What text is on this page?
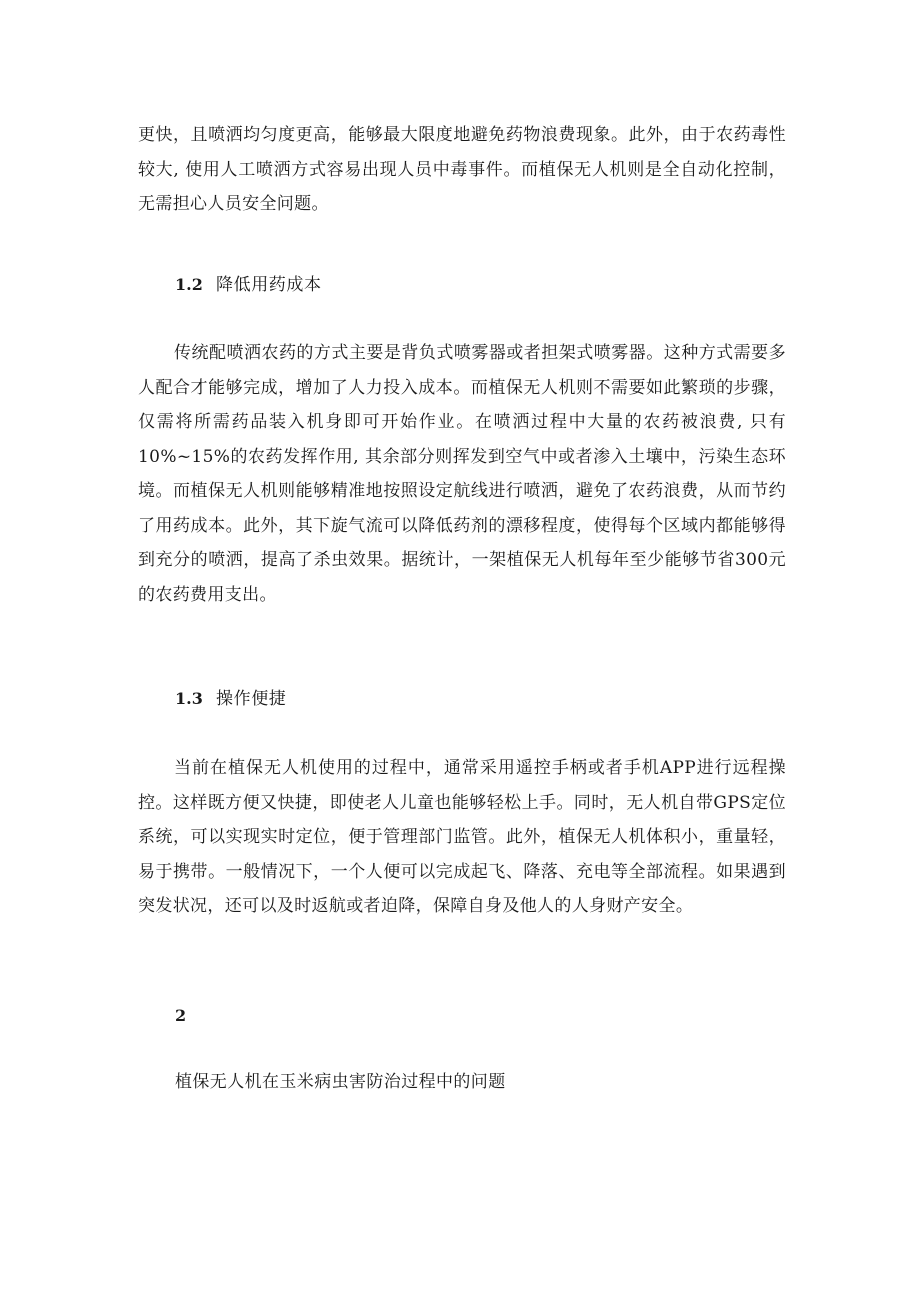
更快，且喷洒均匀度更高，能够最大限度地避免药物浪费现象。此外，由于农药毒性较大, 使用人工喷洒方式容易出现人员中毒事件。而植保无人机则是全自动化控制，无需担心人员安全问题。

1.2 降低用药成本

传统配喷洒农药的方式主要是背负式喷雾器或者担架式喷雾器。这种方式需要多人配合才能够完成，增加了人力投入成本。而植保无人机则不需要如此繁琐的步骤，仅需将所需药品装入机身即可开始作业。在喷洒过程中大量的农药被浪费, 只有10%~15%的农药发挥作用, 其余部分则挥发到空气中或者渗入土壤中，污染生态环境。而植保无人机则能够精准地按照设定航线进行喷洒，避免了农药浪费，从而节约了用药成本。此外，其下旋气流可以降低药剂的漂移程度，使得每个区域内都能够得到充分的喷洒，提高了杀虫效果。据统计，一架植保无人机每年至少能够节省300元的农药费用支出。

1.3 操作便捷

当前在植保无人机使用的过程中，通常采用遥控手柄或者手机APP进行远程操控。这样既方便又快捷，即使老人儿童也能够轻松上手。同时，无人机自带GPS定位系统，可以实现实时定位，便于管理部门监管。此外，植保无人机体积小，重量轻，易于携带。一般情况下，一个人便可以完成起飞、降落、充电等全部流程。如果遇到突发状况，还可以及时返航或者迫降，保障自身及他人的人身财产安全。

2
植保无人机在玉米病虫害防治过程中的问题
